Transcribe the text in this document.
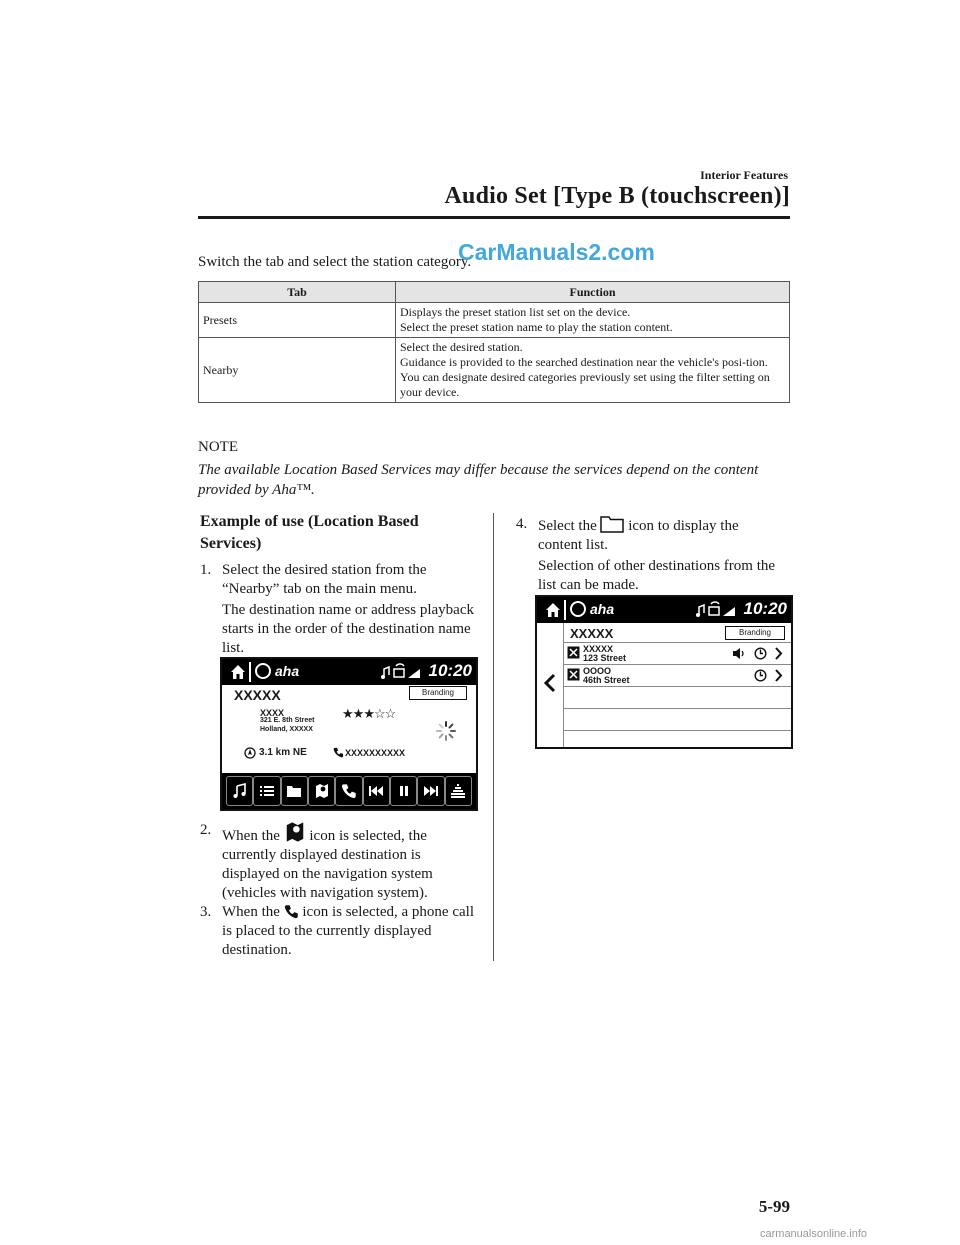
Interior Features
Audio Set [Type B (touchscreen)]
Switch the tab and select the station category.
CarManuals2.com
Tab	Function
Presets	Displays the preset station list set on the device.
Select the preset station name to play the station content.

Nearby	Select the desired station.
Guidance is provided to the searched destination near the vehicle's posi-tion.
You can designate desired categories previously set using the filter setting on your device.
NOTE
The available Location Based Services may differ because the services depend on the content provided by Aha™.
Example of use (Location Based Services)
1. Select the desired station from the “Nearby” tab on the main menu.
The destination name or address playback starts in the order of the destination name list.
aha	10:20
XXXXX	Branding
XXXX
321 E. 8th Street
Holland, XXXXX
★★★☆☆
3.1 km NE	XXXXXXXXXX
2. When the icon is selected, the currently displayed destination is displayed on the navigation system (vehicles with navigation system).
3. When the icon is selected, a phone call is placed to the currently displayed destination.
4. Select the icon to display the content list.
Selection of other destinations from the list can be made.
aha	10:20
XXXXX	Branding
XXXXX
123 Street
OOOO
46th Street
5-99
carmanualsonline.info
